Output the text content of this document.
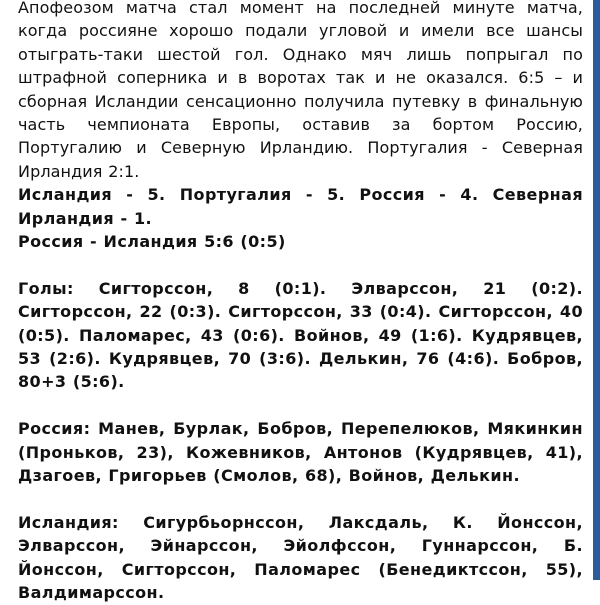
Апофеозом матча стал момент на последней минуте матча, когда россияне хорошо подали угловой и имели все шансы отыграть-таки шестой гол. Однако мяч лишь попрыгал по штрафной соперника и в воротах так и не оказался. 6:5 – и сборная Исландии сенсационно получила путевку в финальную часть чемпионата Европы, оставив за бортом Россию, Португалию и Северную Ирландию. Португалия - Северная Ирландия 2:1.

Исландия - 5. Португалия - 5. Россия - 4. Северная Ирландия - 1.

Россия - Исландия 5:6 (0:5)

Голы: Сигторссон, 8 (0:1). Элварссон, 21 (0:2). Сигторссон, 22 (0:3). Сигторссон, 33 (0:4). Сигторссон, 40 (0:5). Паломарес, 43 (0:6). Войнов, 49 (1:6). Кудрявцев, 53 (2:6). Кудрявцев, 70 (3:6). Делькин, 76 (4:6). Бобров, 80+3 (5:6).

Россия: Манев, Бурлак, Бобров, Перепелюков, Мякинкин (Проньков, 23), Кожевников, Антонов (Кудрявцев, 41), Дзагоев, Григорьев (Смолов, 68), Войнов, Делькин.

Исландия: Сигурбьорнссон, Лаксдаль, К. Йонссон, Элварссон, Эйнарссон, Эйолфссон, Гуннарссон, Б. Йонссон, Сигторссон, Паломарес (Бенедиктссон, 55), Валдимарссон.
